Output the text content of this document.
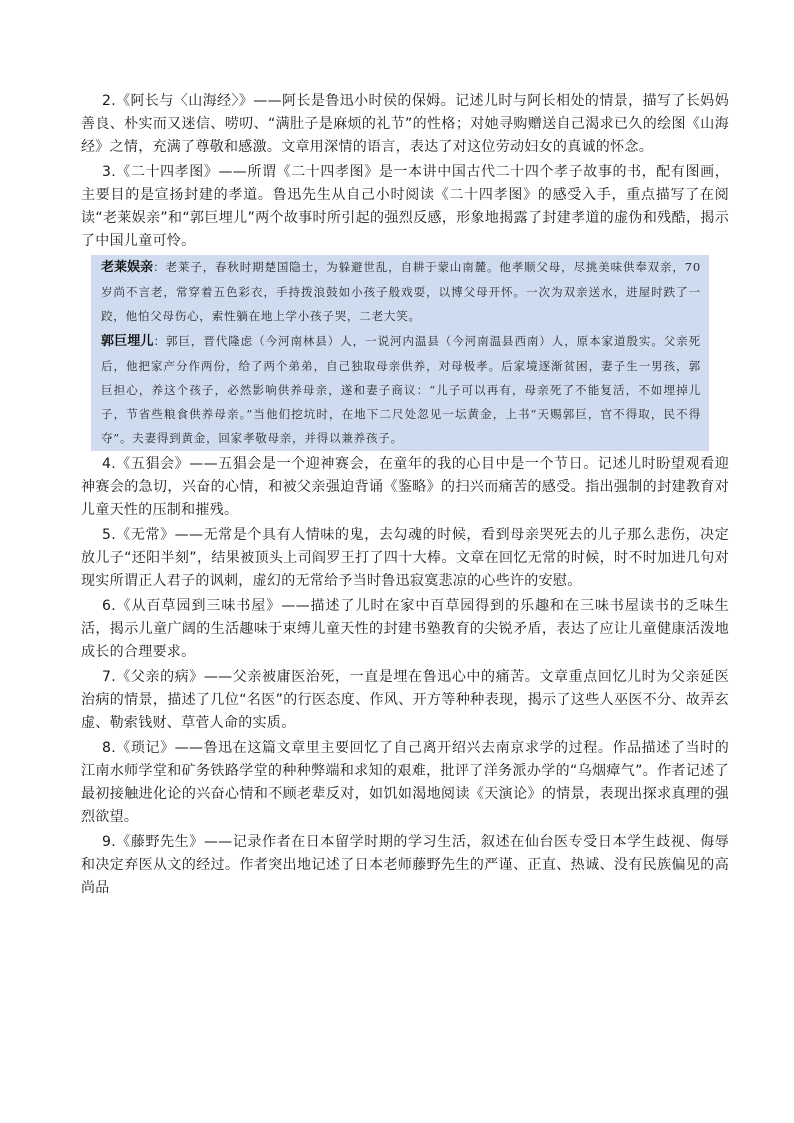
2.《阿长与〈山海经〉》——阿长是鲁迅小时侯的保姆。记述儿时与阿长相处的情景，描写了长妈妈善良、朴实而又迷信、唠叨、“满肚子是麻烦的礼节”的性格；对她寻购赠送自己渴求已久的绘图《山海经》之情，充满了尊敬和感激。文章用深情的语言，表达了对这位劳动妇女的真诚的怀念。

3.《二十四孝图》——所谓《二十四孝图》是一本讲中国古代二十四个孝子故事的书，配有图画，主要目的是宣扬封建的孝道。鲁迅先生从自己小时阅读《二十四孝图》的感受入手，重点描写了在阅读“老莱娱亲”和“郭巨埋儿”两个故事时所引起的强烈反感，形象地揭露了封建孝道的虚伪和残酷，揭示了中国儿童可怜。

老莱娱亲：老莱子，春秋时期楚国隐士，为躲避世乱，自耕于蒙山南麓。他孝顺父母，尽挑美味供奉双亲，70岁尚不言老，常穿着五色彩衣，手持拨浪鼓如小孩子般戏耍，以博父母开怀。一次为双亲送水，进屋时跌了一跤，他怕父母伤心，索性躺在地上学小孩子哭，二老大笑。

郭巨埋儿：郭巨，晋代隆虑（今河南林县）人，一说河内温县（今河南温县西南）人，原本家道殷实。父亲死后，他把家产分作两份，给了两个弟弟，自己独取母亲供养，对母极孝。后家境逐渐贫困，妻子生一男孩，郭巨担心，养这个孩子，必然影响供养母亲，遂和妻子商议：“儿子可以再有，母亲死了不能复活，不如埋掉儿子，节省些粮食供养母亲。”当他们挖坑时，在地下二尺处忽见一坛黄金，上书“天赐郭巨，官不得取，民不得夺”。夫妻得到黄金，回家孝敬母亲，并得以兼养孩子。

4.《五猖会》——五猖会是一个迎神赛会，在童年的我的心目中是一个节日。记述儿时盼望观看迎神赛会的急切，兴奋的心情，和被父亲强迫背诵《鉴略》的扫兴而痛苦的感受。指出强制的封建教育对儿童天性的压制和摧残。

5.《无常》——无常是个具有人情味的鬼，去勾魂的时候，看到母亲哭死去的儿子那么悲伤，决定放儿子“还阳半刻”，结果被顶头上司阎罗王打了四十大棒。文章在回忆无常的时候，时不时加进几句对现实所谓正人君子的讽刺，虚幻的无常给予当时鲁迅寂寞悲凉的心些许的安慰。

6.《从百草园到三味书屋》——描述了儿时在家中百草园得到的乐趣和在三味书屋读书的乏味生活，揭示儿童广阔的生活趣味于束缚儿童天性的封建书塾教育的尖锐矛盾，表达了应让儿童健康活泼地成长的合理要求。

7.《父亲的病》——父亲被庸医治死，一直是埋在鲁迅心中的痛苦。文章重点回忆儿时为父亲延医治病的情景，描述了几位“名医”的行医态度、作风、开方等种种表现，揭示了这些人巫医不分、故弄玄虚、勒索钱财、草菅人命的实质。

8.《琐记》——鲁迅在这篇文章里主要回忆了自己离开绍兴去南京求学的过程。作品描述了当时的江南水师学堂和矿务铁路学堂的种种弊端和求知的艰难，批评了洋务派办学的“乌烟瘴气”。作者记述了最初接触进化论的兴奋心情和不顾老辈反对，如饥如渴地阅读《天演论》的情景，表现出探求真理的强烈欲望。

9.《藤野先生》——记录作者在日本留学时期的学习生活，叙述在仙台医专受日本学生歧视、侮辱和决定弃医从文的经过。作者突出地记述了日本老师藤野先生的严谨、正直、热诚、没有民族偏见的高尚品
